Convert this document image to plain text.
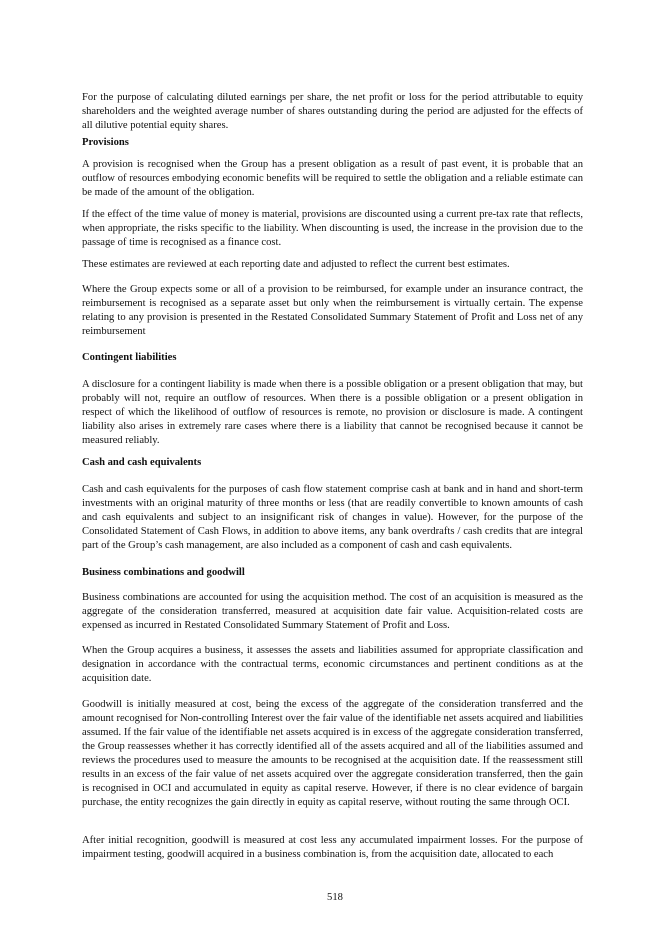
For the purpose of calculating diluted earnings per share, the net profit or loss for the period attributable to equity shareholders and the weighted average number of shares outstanding during the period are adjusted for the effects of all dilutive potential equity shares.

Provisions

A provision is recognised when the Group has a present obligation as a result of past event, it is probable that an outflow of resources embodying economic benefits will be required to settle the obligation and a reliable estimate can be made of the amount of the obligation.

If the effect of the time value of money is material, provisions are discounted using a current pre-tax rate that reflects, when appropriate, the risks specific to the liability. When discounting is used, the increase in the provision due to the passage of time is recognised as a finance cost.

These estimates are reviewed at each reporting date and adjusted to reflect the current best estimates.

Where the Group expects some or all of a provision to be reimbursed, for example under an insurance contract, the reimbursement is recognised as a separate asset but only when the reimbursement is virtually certain. The expense relating to any provision is presented in the Restated Consolidated Summary Statement of Profit and Loss net of any reimbursement

Contingent liabilities

A disclosure for a contingent liability is made when there is a possible obligation or a present obligation that may, but probably will not, require an outflow of resources. When there is a possible obligation or a present obligation in respect of which the likelihood of outflow of resources is remote, no provision or disclosure is made. A contingent liability also arises in extremely rare cases where there is a liability that cannot be recognised because it cannot be measured reliably.

Cash and cash equivalents

Cash and cash equivalents for the purposes of cash flow statement comprise cash at bank and in hand and short-term investments with an original maturity of three months or less (that are readily convertible to known amounts of cash and cash equivalents and subject to an insignificant risk of changes in value). However, for the purpose of the Consolidated Statement of Cash Flows, in addition to above items, any bank overdrafts / cash credits that are integral part of the Group’s cash management, are also included as a component of cash and cash equivalents.

Business combinations and goodwill

Business combinations are accounted for using the acquisition method. The cost of an acquisition is measured as the aggregate of the consideration transferred, measured at acquisition date fair value. Acquisition-related costs are expensed as incurred in Restated Consolidated Summary Statement of Profit and Loss.

When the Group acquires a business, it assesses the assets and liabilities assumed for appropriate classification and designation in accordance with the contractual terms, economic circumstances and pertinent conditions as at the acquisition date.

Goodwill is initially measured at cost, being the excess of the aggregate of the consideration transferred and the amount recognised for Non-controlling Interest over the fair value of the identifiable net assets acquired and liabilities assumed. If the fair value of the identifiable net assets acquired is in excess of the aggregate consideration transferred, the Group reassesses whether it has correctly identified all of the assets acquired and all of the liabilities assumed and reviews the procedures used to measure the amounts to be recognised at the acquisition date. If the reassessment still results in an excess of the fair value of net assets acquired over the aggregate consideration transferred, then the gain is recognised in OCI and accumulated in equity as capital reserve. However, if there is no clear evidence of bargain purchase, the entity recognizes the gain directly in equity as capital reserve, without routing the same through OCI.

After initial recognition, goodwill is measured at cost less any accumulated impairment losses. For the purpose of impairment testing, goodwill acquired in a business combination is, from the acquisition date, allocated to each

518
